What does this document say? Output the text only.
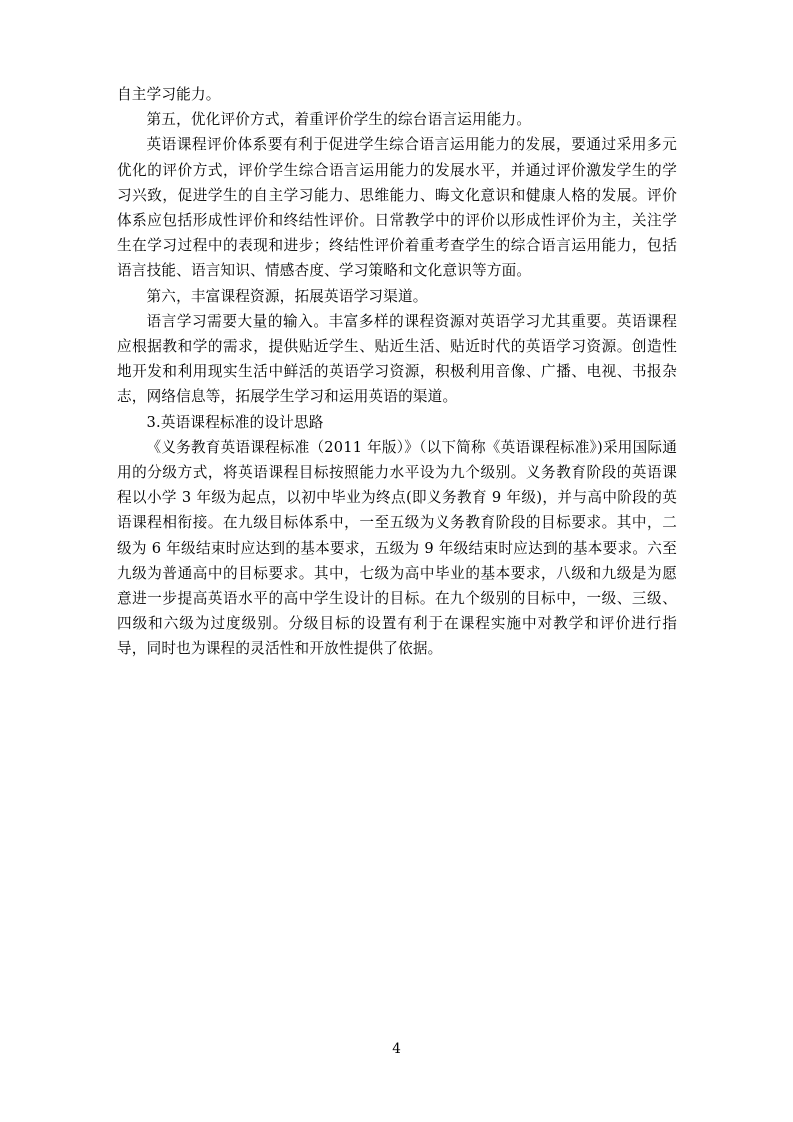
自主学习能力。

第五，优化评价方式，着重评价学生的综台语言运用能力。

英语课程评价体系要有利于促进学生综合语言运用能力的发展，要通过采用多元优化的评价方式，评价学生综合语言运用能力的发展水平，并通过评价激发学生的学习兴致，促进学生的自主学习能力、思维能力、晦文化意识和健康人格的发展。评价体系应包括形成性评价和终结性评价。日常教学中的评价以形成性评价为主，关注学生在学习过程中的表现和进步；终结性评价着重考查学生的综合语言运用能力，包括语言技能、语言知识、情感杏度、学习策略和文化意识等方面。

第六，丰富课程资源，拓展英语学习渠道。

语言学习需要大量的输入。丰富多样的课程资源对英语学习尤其重要。英语课程应根据教和学的需求，提供贴近学生、贴近生活、贴近时代的英语学习资源。创造性地开发和利用现实生活中鲜活的英语学习资源，积极利用音像、广播、电视、书报杂志，网络信息等，拓展学生学习和运用英语的渠道。

3.英语课程标准的设计思路

《义务教育英语课程标准（2011 年版）》（以下简称《英语课程标准》)采用国际通用的分级方式，将英语课程目标按照能力水平设为九个级别。义务教育阶段的英语课程以小学 3 年级为起点，以初中毕业为终点(即义务教育 9 年级)，并与高中阶段的英语课程相衔接。在九级目标体系中，一至五级为义务教育阶段的目标要求。其中，二级为 6 年级结束时应达到的基本要求，五级为 9 年级结束时应达到的基本要求。六至九级为普通高中的目标要求。其中，七级为高中毕业的基本要求，八级和九级是为愿意进一步提高英语水平的高中学生设计的目标。在九个级别的目标中，一级、三级、四级和六级为过度级别。分级目标的设置有利于在课程实施中对教学和评价进行指导，同时也为课程的灵活性和开放性提供了依据。

4
